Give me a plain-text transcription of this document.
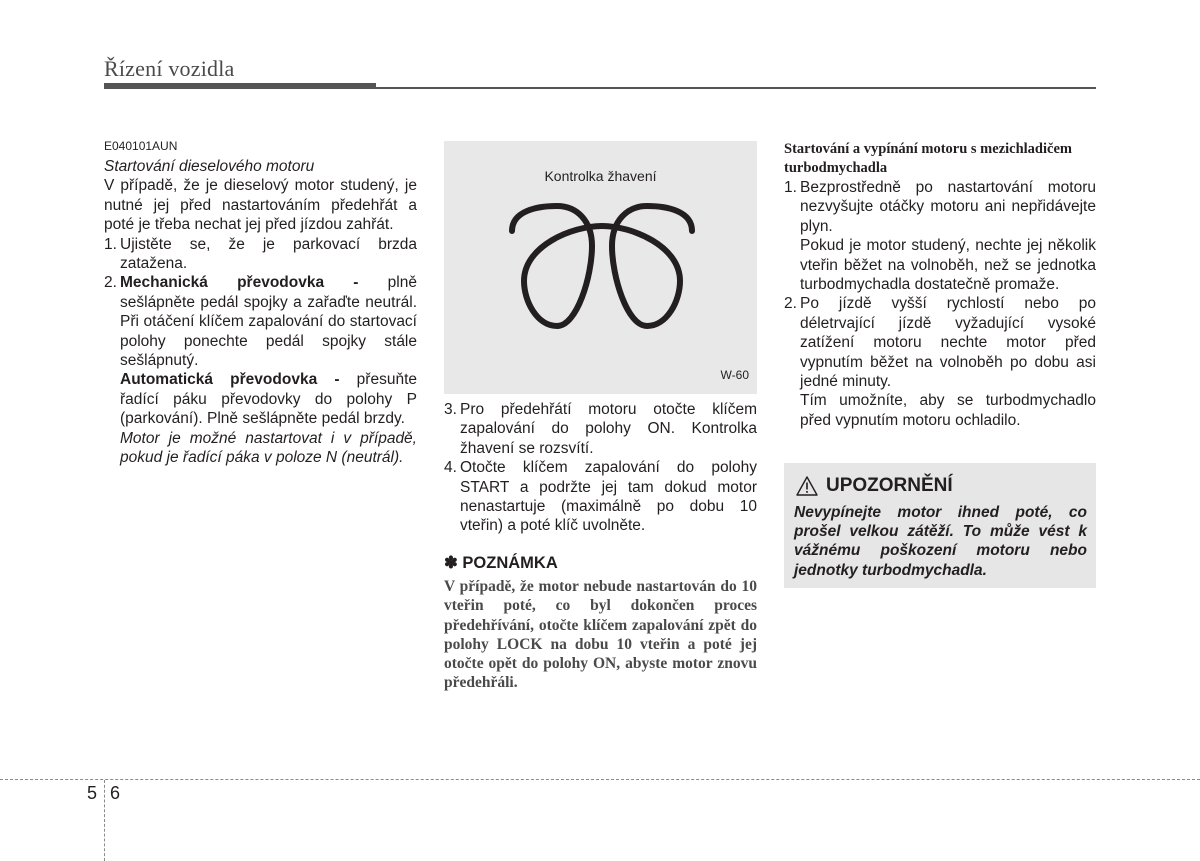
Řízení vozidla

E040101AUN

Startování dieselového motoru

V případě, že je dieselový motor studený, je nutné jej před nastartováním předehřát a poté je třeba nechat jej před jízdou zahřát.

1. Ujistěte se, že je parkovací brzda zatažena.
2. Mechanická převodovka - plně sešlápněte pedál spojky a zařaďte neutrál. Při otáčení klíčem zapalování do startovací polohy ponechte pedál spojky stále sešlápnutý.

Automatická převodovka - přesuňte řadící páku převodovky do polohy P (parkování). Plně sešlápněte pedál brzdy.

Motor je možné nastartovat i v případě, pokud je řadící páka v poloze N (neutrál).

Kontrolka žhavení
W-60
3. Pro předehřátí motoru otočte klíčem zapalování do polohy ON. Kontrolka žhavení se rozsvítí.
4. Otočte klíčem zapalování do polohy START a podržte jej tam dokud motor nenastartuje (maximálně po dobu 10 vteřin) a poté klíč uvolněte.

✽ POZNÁMKA

V případě, že motor nebude nastartován do 10 vteřin poté, co byl dokončen proces předehřívání, otočte klíčem zapalování zpět do polohy LOCK na dobu 10 vteřin a poté jej otočte opět do polohy ON, abyste motor znovu předehřáli.

Startování a vypínání motoru s mezichladičem turbodmychadla

1. Bezprostředně po nastartování motoru nezvyšujte otáčky motoru ani nepřidávejte plyn.

Pokud je motor studený, nechte jej několik vteřin běžet na volnoběh, než se jednotka turbodmychadla dostatečně promaže.

2. Po jízdě vyšší rychlostí nebo po déletrvající jízdě vyžadující vysoké zatížení motoru nechte motor před vypnutím běžet na volnoběh po dobu asi jedné minuty.

Tím umožníte, aby se turbodmychadlo před vypnutím motoru ochladilo.

UPOZORNĚNÍ
Nevypínejte motor ihned poté, co prošel velkou zátěží. To může vést k vážnému poškození motoru nebo jednotky turbodmychadla.
5 6
